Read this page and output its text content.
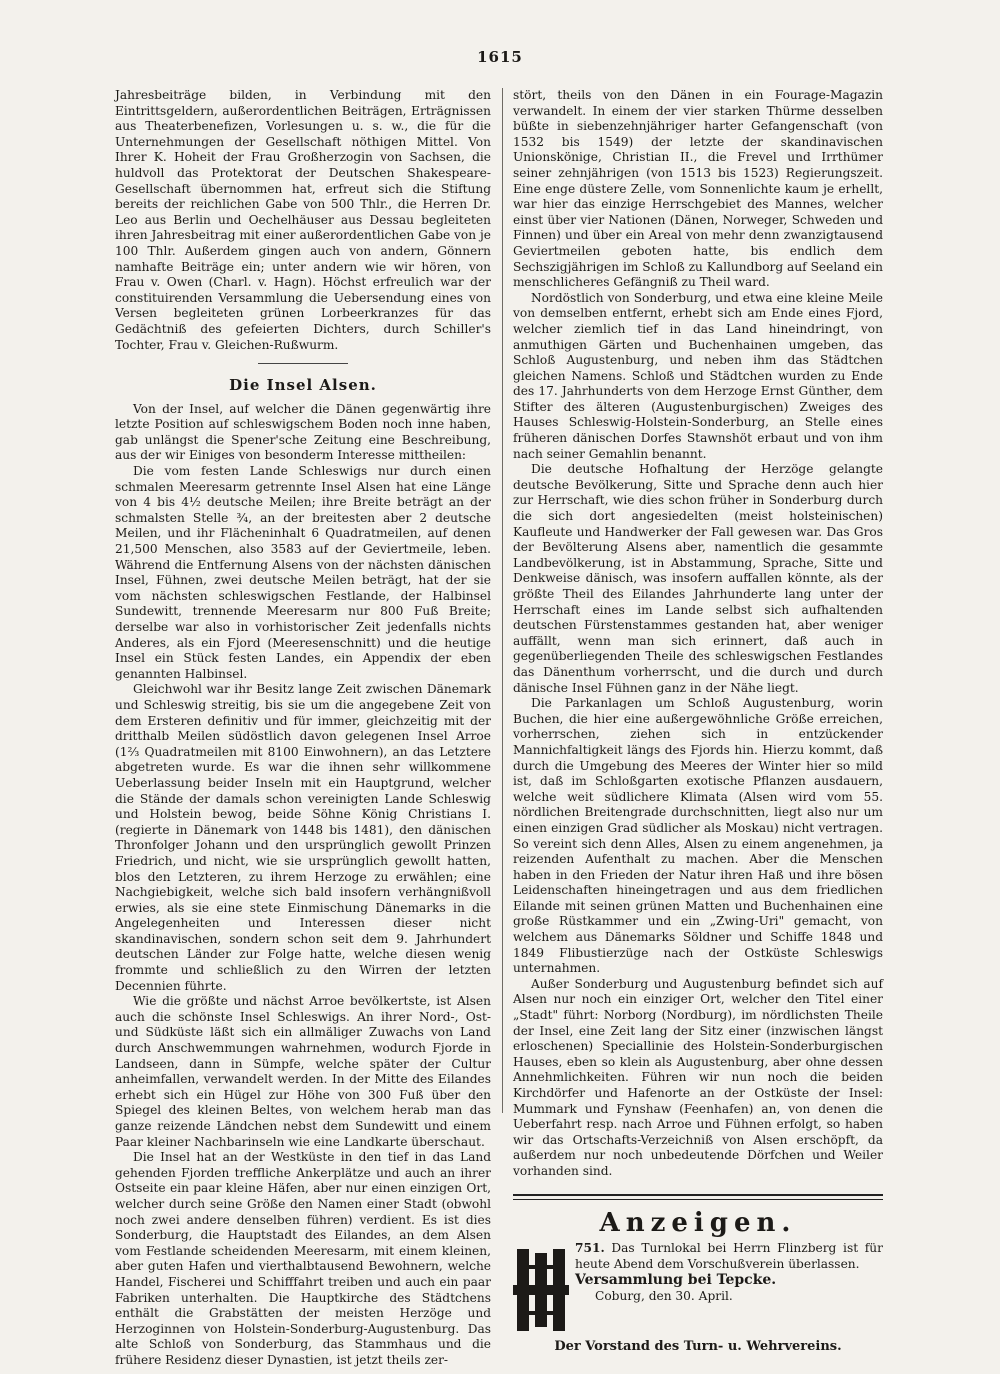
1615

Jahresbeiträge bilden, in Verbindung mit den Eintrittsgeldern, außerordentlichen Beiträgen, Erträgnissen aus Theaterbenefizen, Vorlesungen u. s. w., die für die Unternehmungen der Gesellschaft nöthigen Mittel. Von Ihrer K. Hoheit der Frau Großherzogin von Sachsen, die huldvoll das Protektorat der Deutschen Shakespeare-Gesellschaft übernommen hat, erfreut sich die Stiftung bereits der reichlichen Gabe von 500 Thlr., die Herren Dr. Leo aus Berlin und Oechelhäuser aus Dessau begleiteten ihren Jahresbeitrag mit einer außerordentlichen Gabe von je 100 Thlr. Außerdem gingen auch von andern, Gönnern namhafte Beiträge ein; unter andern wie wir hören, von Frau v. Owen (Charl. v. Hagn). Höchst erfreulich war der constituirenden Versammlung die Uebersendung eines von Versen begleiteten grünen Lorbeerkranzes für das Gedächtniß des gefeierten Dichters, durch Schiller's Tochter, Frau v. Gleichen-Rußwurm.

Die Insel Alsen.

Von der Insel, auf welcher die Dänen gegenwärtig ihre letzte Position auf schleswigschem Boden noch inne haben, gab unlängst die Spener'sche Zeitung eine Beschreibung, aus der wir Einiges von besonderm Interesse mittheilen:

Die vom festen Lande Schleswigs nur durch einen schmalen Meeresarm getrennte Insel Alsen hat eine Länge von 4 bis 4½ deutsche Meilen; ihre Breite beträgt an der schmalsten Stelle ¾, an der breitesten aber 2 deutsche Meilen, und ihr Flächeninhalt 6 Quadratmeilen, auf denen 21,500 Menschen, also 3583 auf der Geviertmeile, leben. Während die Entfernung Alsens von der nächsten dänischen Insel, Fühnen, zwei deutsche Meilen beträgt, hat der sie vom nächsten schleswigschen Festlande, der Halbinsel Sundewitt, trennende Meeresarm nur 800 Fuß Breite; derselbe war also in vorhistorischer Zeit jedenfalls nichts Anderes, als ein Fjord (Meeresenschnitt) und die heutige Insel ein Stück festen Landes, ein Appendix der eben genannten Halbinsel.

Gleichwohl war ihr Besitz lange Zeit zwischen Dänemark und Schleswig streitig, bis sie um die angegebene Zeit von dem Ersteren definitiv und für immer, gleichzeitig mit der dritthalb Meilen südöstlich davon gelegenen Insel Arroe (1⅔ Quadratmeilen mit 8100 Einwohnern), an das Letztere abgetreten wurde. Es war die ihnen sehr willkommene Ueberlassung beider Inseln mit ein Hauptgrund, welcher die Stände der damals schon vereinigten Lande Schleswig und Holstein bewog, beide Söhne König Christians I. (regierte in Dänemark von 1448 bis 1481), den dänischen Thronfolger Johann und den ursprünglich gewollt Prinzen Friedrich, und nicht, wie sie ursprünglich gewollt hatten, blos den Letzteren, zu ihrem Herzoge zu erwählen; eine Nachgiebigkeit, welche sich bald insofern verhängnißvoll erwies, als sie eine stete Einmischung Dänemarks in die Angelegenheiten und Interessen dieser nicht skandinavischen, sondern schon seit dem 9. Jahrhundert deutschen Länder zur Folge hatte, welche diesen wenig frommte und schließlich zu den Wirren der letzten Decennien führte.

Wie die größte und nächst Arroe bevölkertste, ist Alsen auch die schönste Insel Schleswigs. An ihrer Nord-, Ost- und Südküste läßt sich ein allmäliger Zuwachs von Land durch Anschwemmungen wahrnehmen, wodurch Fjorde in Landseen, dann in Sümpfe, welche später der Cultur anheimfallen, verwandelt werden. In der Mitte des Eilandes erhebt sich ein Hügel zur Höhe von 300 Fuß über den Spiegel des kleinen Beltes, von welchem herab man das ganze reizende Ländchen nebst dem Sundewitt und einem Paar kleiner Nachbarinseln wie eine Landkarte überschaut.

Die Insel hat an der Westküste in den tief in das Land gehenden Fjorden treffliche Ankerplätze und auch an ihrer Ostseite ein paar kleine Häfen, aber nur einen einzigen Ort, welcher durch seine Größe den Namen einer Stadt (obwohl noch zwei andere denselben führen) verdient. Es ist dies Sonderburg, die Hauptstadt des Eilandes, an dem Alsen vom Festlande scheidenden Meeresarm, mit einem kleinen, aber guten Hafen und vierthalbtausend Bewohnern, welche Handel, Fischerei und Schifffahrt treiben und auch ein paar Fabriken unterhalten. Die Hauptkirche des Städtchens enthält die Grabstätten der meisten Herzöge und Herzoginnen von Holstein-Sonderburg-Augustenburg. Das alte Schloß von Sonderburg, das Stammhaus und die frühere Residenz dieser Dynastien, ist jetzt theils zer-

stört, theils von den Dänen in ein Fourage-Magazin verwandelt. In einem der vier starken Thürme desselben büßte in siebenzehnjähriger harter Gefangenschaft (von 1532 bis 1549) der letzte der skandinavischen Unionskönige, Christian II., die Frevel und Irrthümer seiner zehnjährigen (von 1513 bis 1523) Regierungszeit. Eine enge düstere Zelle, vom Sonnenlichte kaum je erhellt, war hier das einzige Herrschgebiet des Mannes, welcher einst über vier Nationen (Dänen, Norweger, Schweden und Finnen) und über ein Areal von mehr denn zwanzigtausend Geviertmeilen geboten hatte, bis endlich dem Sechszigjährigen im Schloß zu Kallundborg auf Seeland ein menschlicheres Gefängniß zu Theil ward.

Nordöstlich von Sonderburg, und etwa eine kleine Meile von demselben entfernt, erhebt sich am Ende eines Fjord, welcher ziemlich tief in das Land hineindringt, von anmuthigen Gärten und Buchenhainen umgeben, das Schloß Augustenburg, und neben ihm das Städtchen gleichen Namens. Schloß und Städtchen wurden zu Ende des 17. Jahrhunderts von dem Herzoge Ernst Günther, dem Stifter des älteren (Augustenburgischen) Zweiges des Hauses Schleswig-Holstein-Sonderburg, an Stelle eines früheren dänischen Dorfes Stawnshöt erbaut und von ihm nach seiner Gemahlin benannt.

Die deutsche Hofhaltung der Herzöge gelangte deutsche Bevölkerung, Sitte und Sprache denn auch hier zur Herrschaft, wie dies schon früher in Sonderburg durch die sich dort angesiedelten (meist holsteinischen) Kaufleute und Handwerker der Fall gewesen war. Das Gros der Bevölterung Alsens aber, namentlich die gesammte Landbevölkerung, ist in Abstammung, Sprache, Sitte und Denkweise dänisch, was insofern auffallen könnte, als der größte Theil des Eilandes Jahrhunderte lang unter der Herrschaft eines im Lande selbst sich aufhaltenden deutschen Fürstenstammes gestanden hat, aber weniger auffällt, wenn man sich erinnert, daß auch in gegenüberliegenden Theile des schleswigschen Festlandes das Dänenthum vorherrscht, und die durch und durch dänische Insel Fühnen ganz in der Nähe liegt.

Die Parkanlagen um Schloß Augustenburg, worin Buchen, die hier eine außergewöhnliche Größe erreichen, vorherrschen, ziehen sich in entzückender Mannichfaltigkeit längs des Fjords hin. Hierzu kommt, daß durch die Umgebung des Meeres der Winter hier so mild ist, daß im Schloßgarten exotische Pflanzen ausdauern, welche weit südlichere Klimata (Alsen wird vom 55. nördlichen Breitengrade durchschnitten, liegt also nur um einen einzigen Grad südlicher als Moskau) nicht vertragen. So vereint sich denn Alles, Alsen zu einem angenehmen, ja reizenden Aufenthalt zu machen. Aber die Menschen haben in den Frieden der Natur ihren Haß und ihre bösen Leidenschaften hineingetragen und aus dem friedlichen Eilande mit seinen grünen Matten und Buchenhainen eine große Rüstkammer und ein „Zwing-Uri" gemacht, von welchem aus Dänemarks Söldner und Schiffe 1848 und 1849 Flibustierzüge nach der Ostküste Schleswigs unternahmen.

Außer Sonderburg und Augustenburg befindet sich auf Alsen nur noch ein einziger Ort, welcher den Titel einer „Stadt" führt: Norborg (Nordburg), im nördlichsten Theile der Insel, eine Zeit lang der Sitz einer (inzwischen längst erloschenen) Speciallinie des Holstein-Sonderburgischen Hauses, eben so klein als Augustenburg, aber ohne dessen Annehmlichkeiten. Führen wir nun noch die beiden Kirchdörfer und Hafenorte an der Ostküste der Insel: Mummark und Fynshaw (Feenhafen) an, von denen die Ueberfahrt resp. nach Arroe und Fühnen erfolgt, so haben wir das Ortschafts-Verzeichniß von Alsen erschöpft, da außerdem nur noch unbedeutende Dörfchen und Weiler vorhanden sind.

Anzeigen.
751. Das Turnlokal bei Herrn Flinzberg ist für heute Abend dem Vorschußverein überlassen.
Versammlung bei Tepcke.
Coburg, den 30. April.
Der Vorstand des Turn- u. Wehrvereins.
